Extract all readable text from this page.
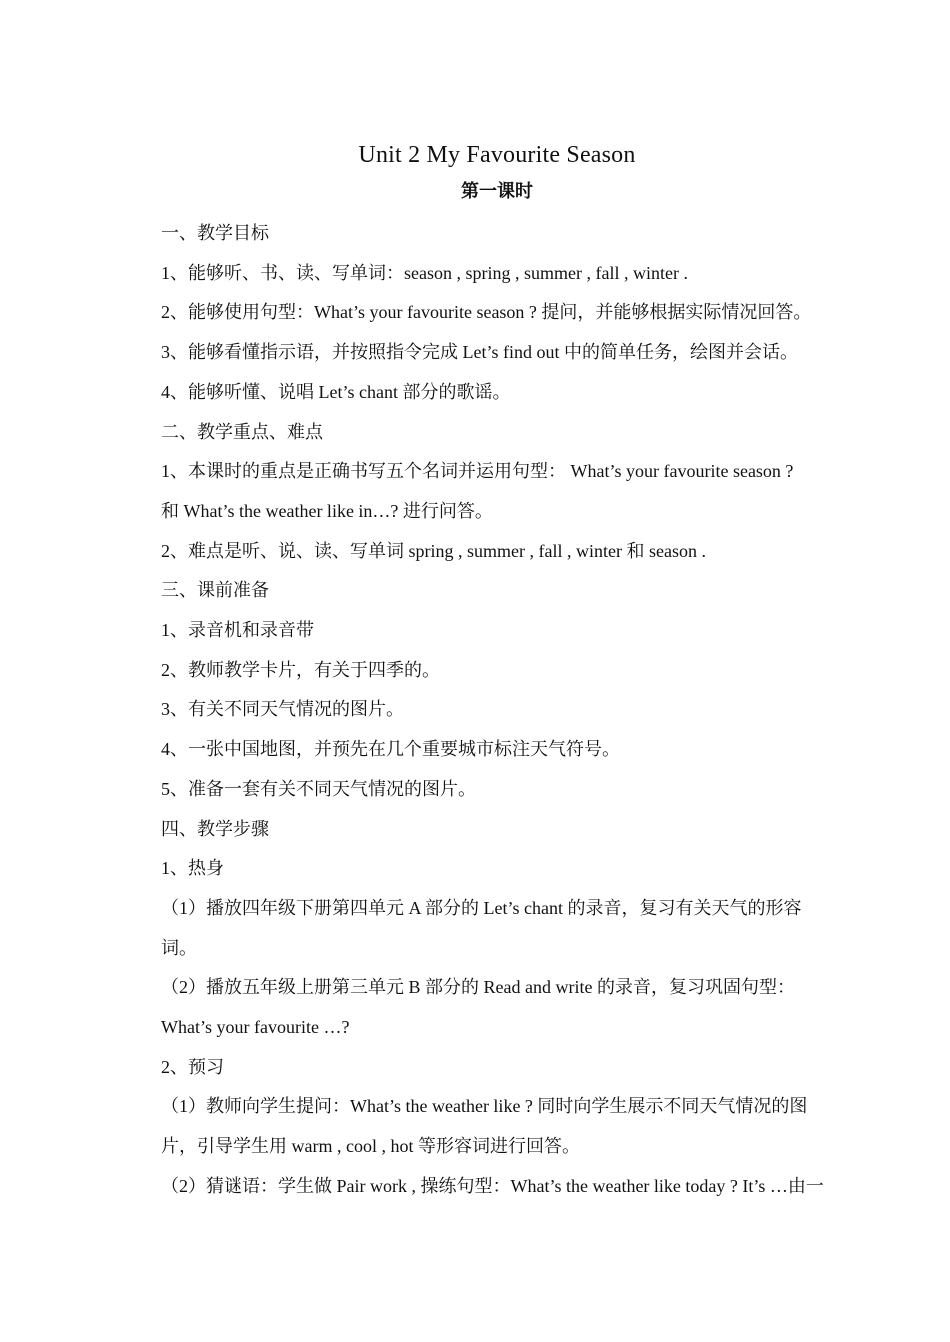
Unit 2 My Favourite Season
第一课时

一、教学目标

1、能够听、书、读、写单词：season , spring , summer , fall , winter .

2、能够使用句型：What’s your favourite season ? 提问，并能够根据实际情况回答。

3、能够看懂指示语，并按照指令完成 Let’s find out 中的简单任务，绘图并会话。

4、能够听懂、说唱 Let’s chant 部分的歌谣。

二、教学重点、难点

1、本课时的重点是正确书写五个名词并运用句型： What’s your favourite season ?

和 What’s the weather like in…? 进行问答。

2、难点是听、说、读、写单词 spring , summer , fall , winter 和 season .

三、课前准备

1、录音机和录音带

2、教师教学卡片，有关于四季的。

3、有关不同天气情况的图片。

4、一张中国地图，并预先在几个重要城市标注天气符号。

5、准备一套有关不同天气情况的图片。

四、教学步骤

1、热身

（1）播放四年级下册第四单元 A 部分的 Let’s chant 的录音，复习有关天气的形容

词。

（2）播放五年级上册第三单元 B 部分的 Read and write 的录音，复习巩固句型：

What’s your favourite …?

2、预习

（1）教师向学生提问：What’s the weather like ? 同时向学生展示不同天气情况的图

片，引导学生用 warm , cool , hot 等形容词进行回答。

（2）猜谜语：学生做 Pair work , 操练句型：What’s the weather like today ? It’s …由一
